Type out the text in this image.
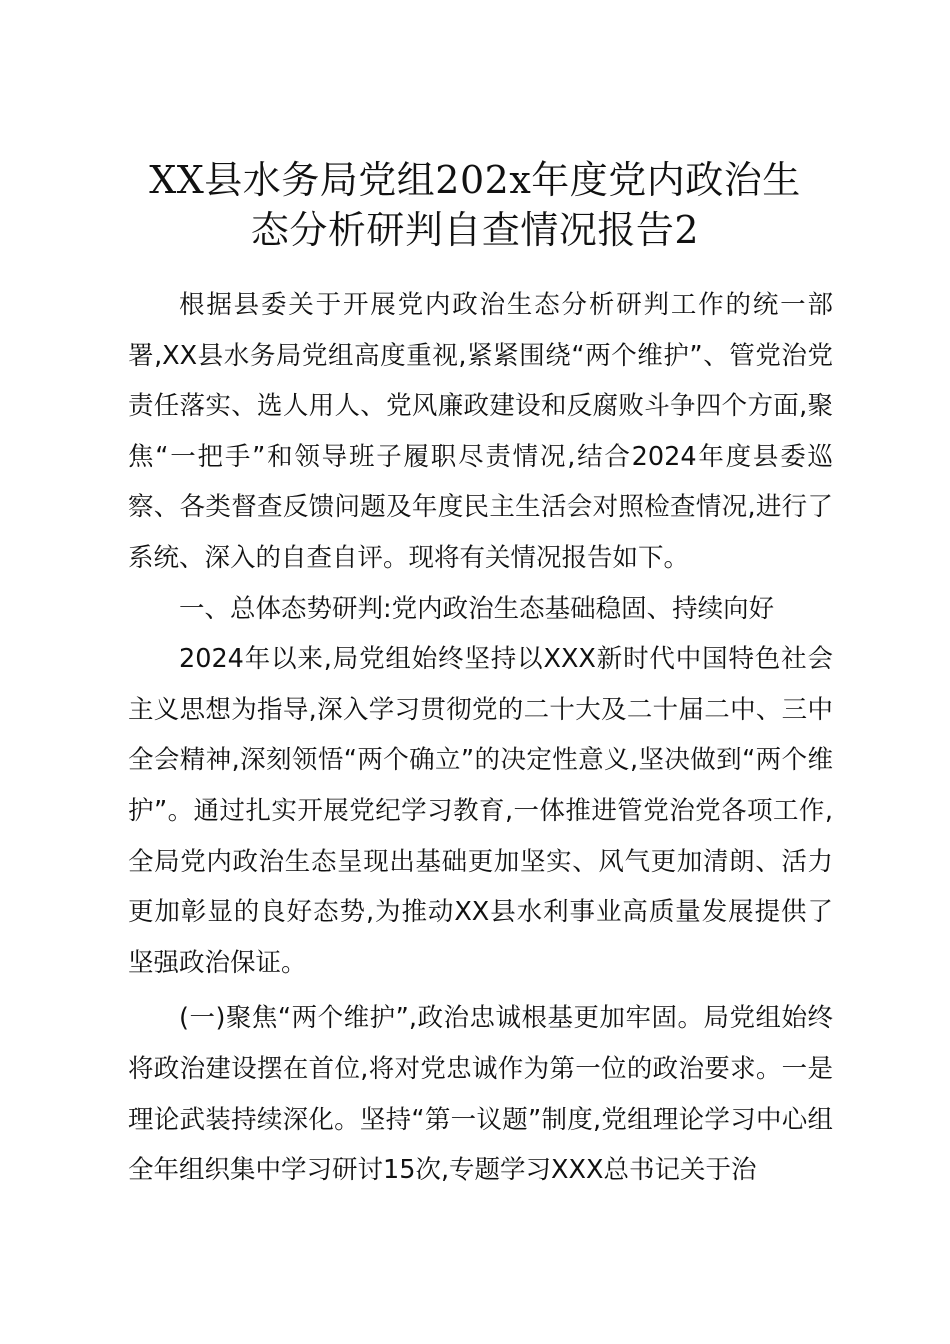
XX县水务局党组202x年度党内政治生
态分析研判自查情况报告2

根据县委关于开展党内政治生态分析研判工作的统一部署,XX县水务局党组高度重视,紧紧围绕“两个维护”、管党治党责任落实、选人用人、党风廉政建设和反腐败斗争四个方面,聚焦“一把手”和领导班子履职尽责情况,结合2024年度县委巡察、各类督查反馈问题及年度民主生活会对照检查情况,进行了系统、深入的自查自评。现将有关情况报告如下。

一、总体态势研判:党内政治生态基础稳固、持续向好

2024年以来,局党组始终坚持以XXX新时代中国特色社会主义思想为指导,深入学习贯彻党的二十大及二十届二中、三中全会精神,深刻领悟“两个确立”的决定性意义,坚决做到“两个维护”。通过扎实开展党纪学习教育,一体推进管党治党各项工作,全局党内政治生态呈现出基础更加坚实、风气更加清朗、活力更加彰显的良好态势,为推动XX县水利事业高质量发展提供了坚强政治保证。

(一)聚焦“两个维护”,政治忠诚根基更加牢固。局党组始终将政治建设摆在首位,将对党忠诚作为第一位的政治要求。一是理论武装持续深化。坚持“第一议题”制度,党组理论学习中心组全年组织集中学习研讨15次,专题学习XXX总书记关于治
